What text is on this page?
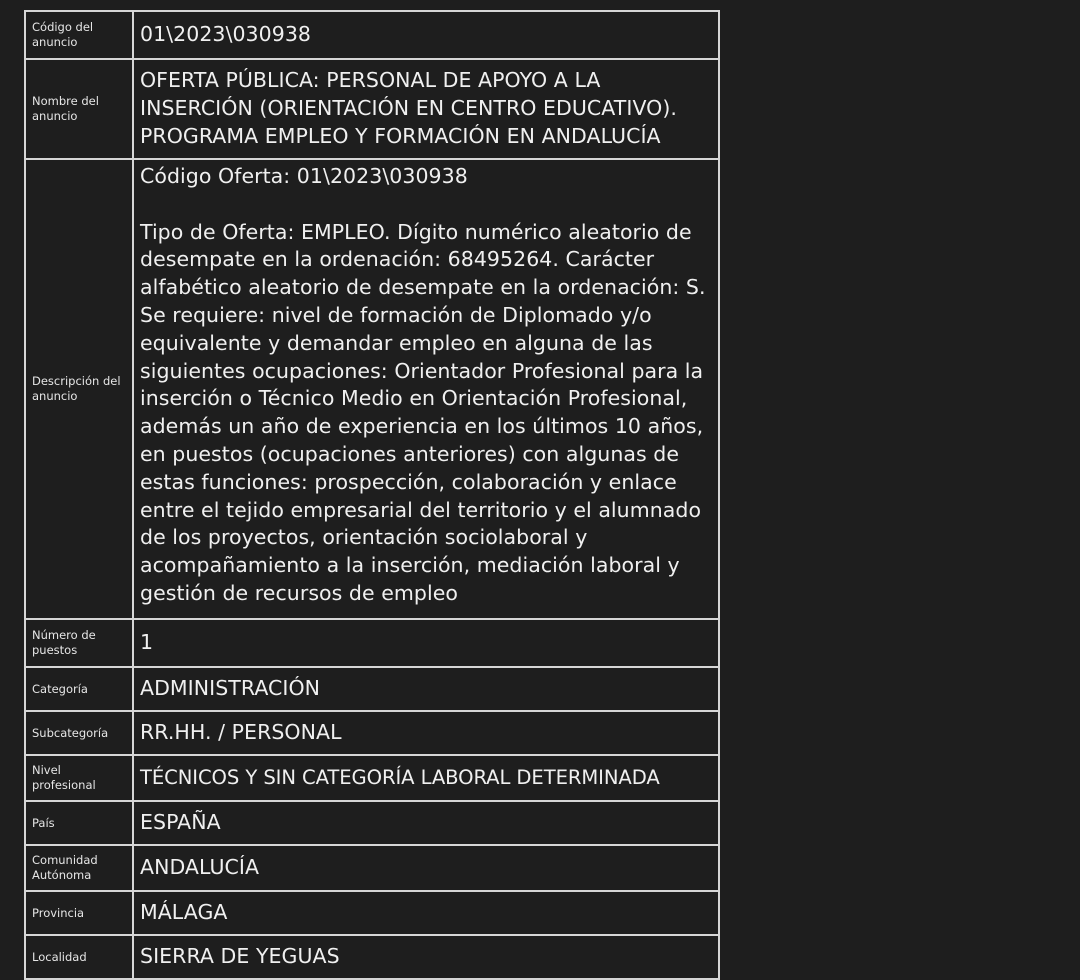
Código del anuncio	01\2023\030938
Nombre del anuncio	OFERTA PÚBLICA: PERSONAL DE APOYO A LA INSERCIÓN (ORIENTACIÓN EN CENTRO EDUCATIVO). PROGRAMA EMPLEO Y FORMACIÓN EN ANDALUCÍA
Descripción del anuncio	Código Oferta: 01\2023\030938
Tipo de Oferta: EMPLEO. Dígito numérico aleatorio de desempate en la ordenación: 68495264. Carácter alfabético aleatorio de desempate en la ordenación: S. Se requiere: nivel de formación de Diplomado y/o equivalente y demandar empleo en alguna de las siguientes ocupaciones: Orientador Profesional para la inserción o Técnico Medio en Orientación Profesional, además un año de experiencia en los últimos 10 años, en puestos (ocupaciones anteriores) con algunas de estas funciones: prospección, colaboración y enlace entre el tejido empresarial del territorio y el alumnado de los proyectos, orientación sociolaboral y acompañamiento a la inserción, mediación laboral y gestión de recursos de empleo

Número de puestos	1
Categoría	ADMINISTRACIÓN
Subcategoría	RR.HH. / PERSONAL
Nivel profesional	TÉCNICOS Y SIN CATEGORÍA LABORAL DETERMINADA
País	ESPAÑA
Comunidad Autónoma	ANDALUCÍA
Provincia	MÁLAGA
Localidad	SIERRA DE YEGUAS
